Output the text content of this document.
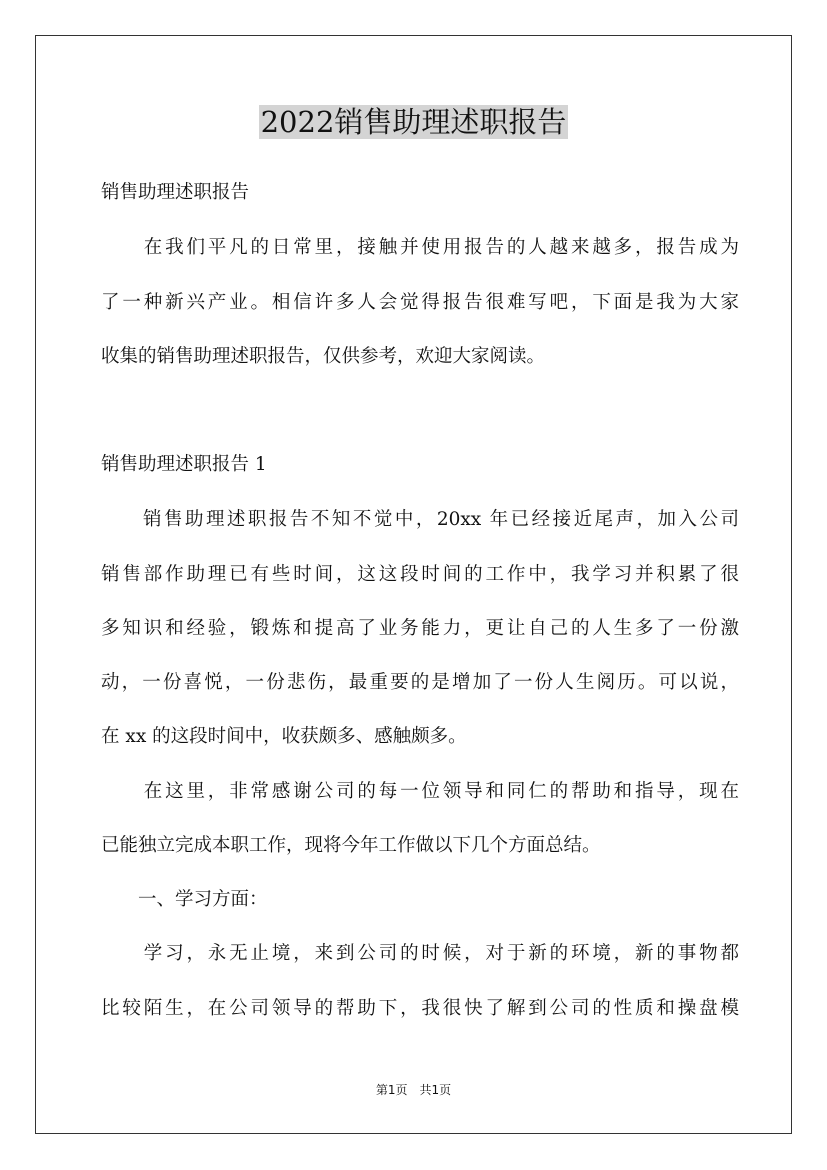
2022销售助理述职报告
销售助理述职报告
　　在我们平凡的日常里，接触并使用报告的人越来越多，报告成为
了一种新兴产业。相信许多人会觉得报告很难写吧，下面是我为大家
收集的销售助理述职报告，仅供参考，欢迎大家阅读。
销售助理述职报告 1
　　销售助理述职报告不知不觉中，20xx 年已经接近尾声，加入公司
销售部作助理已有些时间，这这段时间的工作中，我学习并积累了很
多知识和经验，锻炼和提高了业务能力，更让自己的人生多了一份激
动，一份喜悦，一份悲伤，最重要的是增加了一份人生阅历。可以说，
在 xx 的这段时间中，收获颇多、感触颇多。
　　在这里，非常感谢公司的每一位领导和同仁的帮助和指导，现在
已能独立完成本职工作，现将今年工作做以下几个方面总结。
　　一、学习方面：
　　学习，永无止境，来到公司的时候，对于新的环境，新的事物都
比较陌生，在公司领导的帮助下，我很快了解到公司的性质和操盘模
第1页　共1页
